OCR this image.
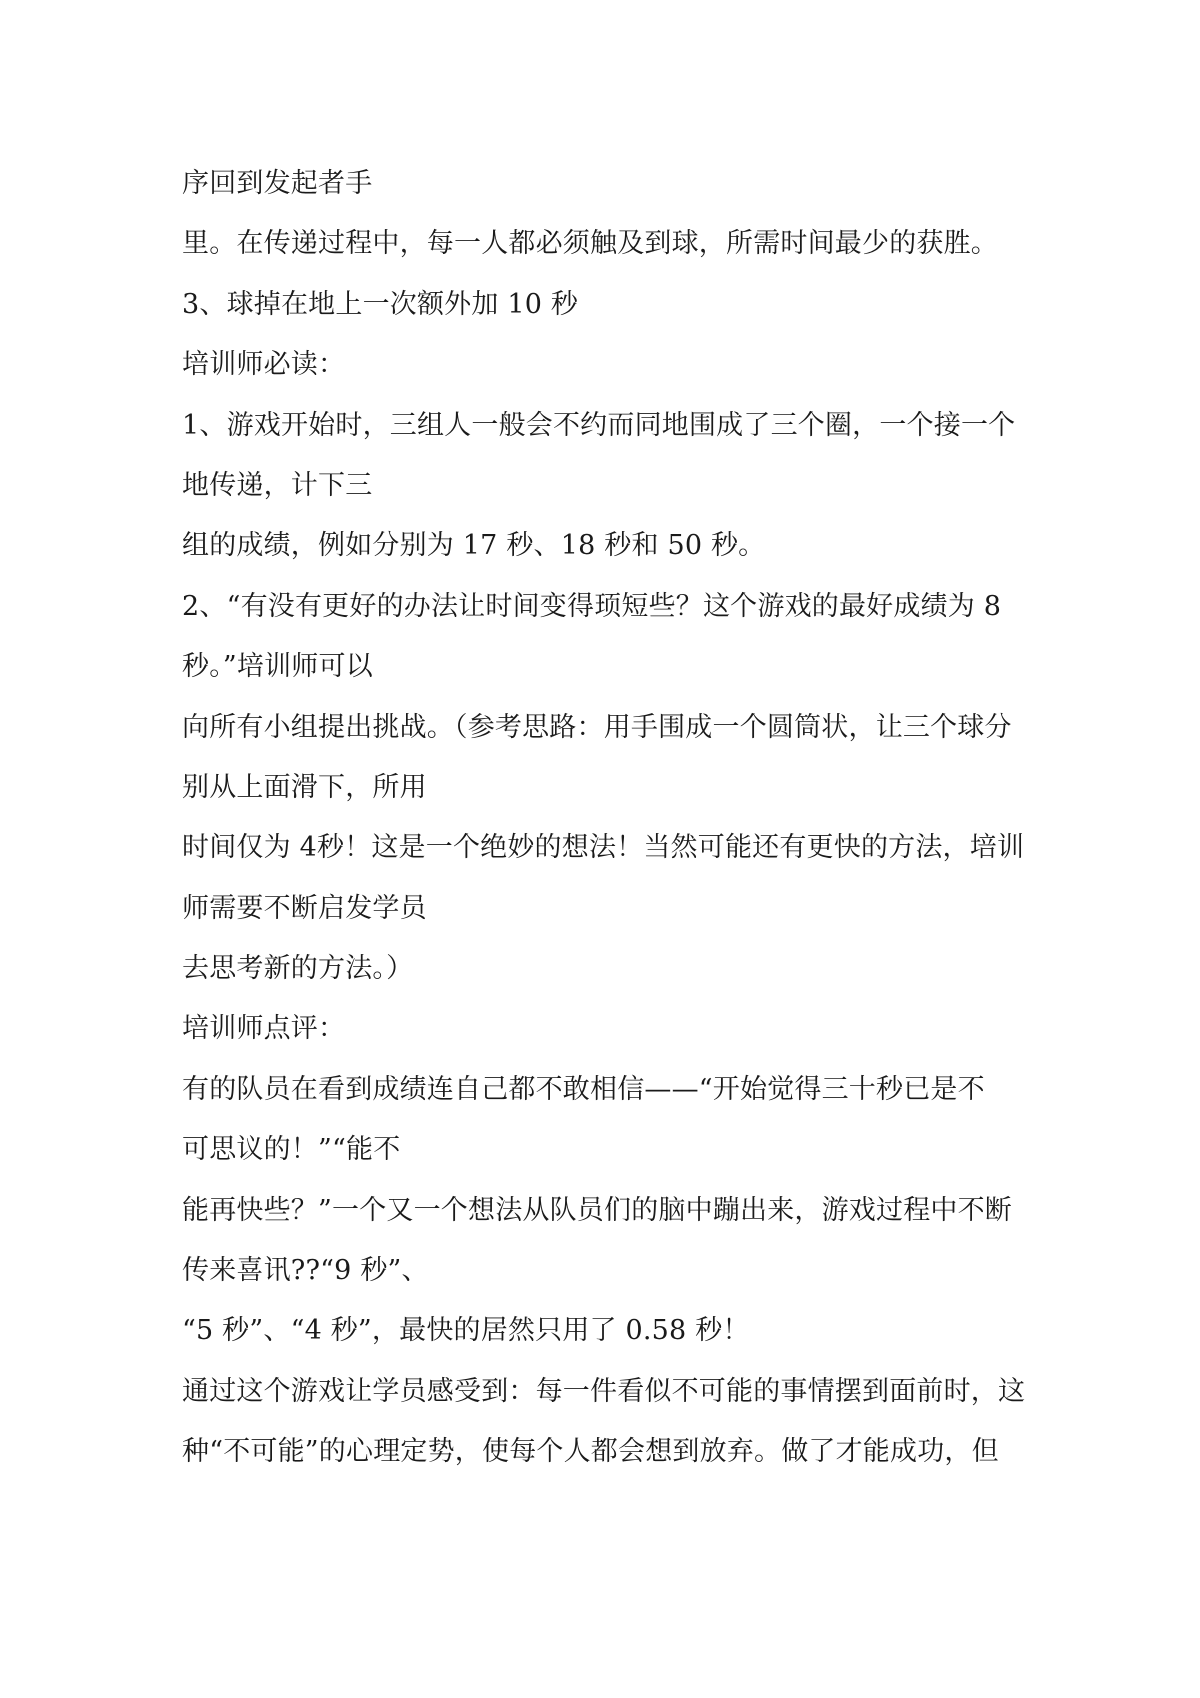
序回到发起者手
里。在传递过程中，每一人都必须触及到球，所需时间最少的获胜。
3、球掉在地上一次额外加 10 秒
培训师必读：
1、游戏开始时，三组人一般会不约而同地围成了三个圈，一个接一个
地传递，计下三
组的成绩，例如分别为 17 秒、18 秒和 50 秒。
2、“有没有更好的办法让时间变得顼短些？这个游戏的最好成绩为 8
秒。”培训师可以
向所有小组提出挑战。（参考思路：用手围成一个圆筒状，让三个球分
别从上面滑下，所用
时间仅为 4秒！这是一个绝妙的想法！当然可能还有更快的方法，培训
师需要不断启发学员
去思考新的方法。）
培训师点评：
有的队员在看到成绩连自己都不敢相信——“开始觉得三十秒已是不
可思议的！”“能不
能再快些？”一个又一个想法从队员们的脑中蹦出来，游戏过程中不断
传来喜讯??“9 秒”、
“5 秒”、“4 秒”，最快的居然只用了 0.58 秒！
通过这个游戏让学员感受到：每一件看似不可能的事情摆到面前时，这
种“不可能”的心理定势，使每个人都会想到放弃。做了才能成功，但
